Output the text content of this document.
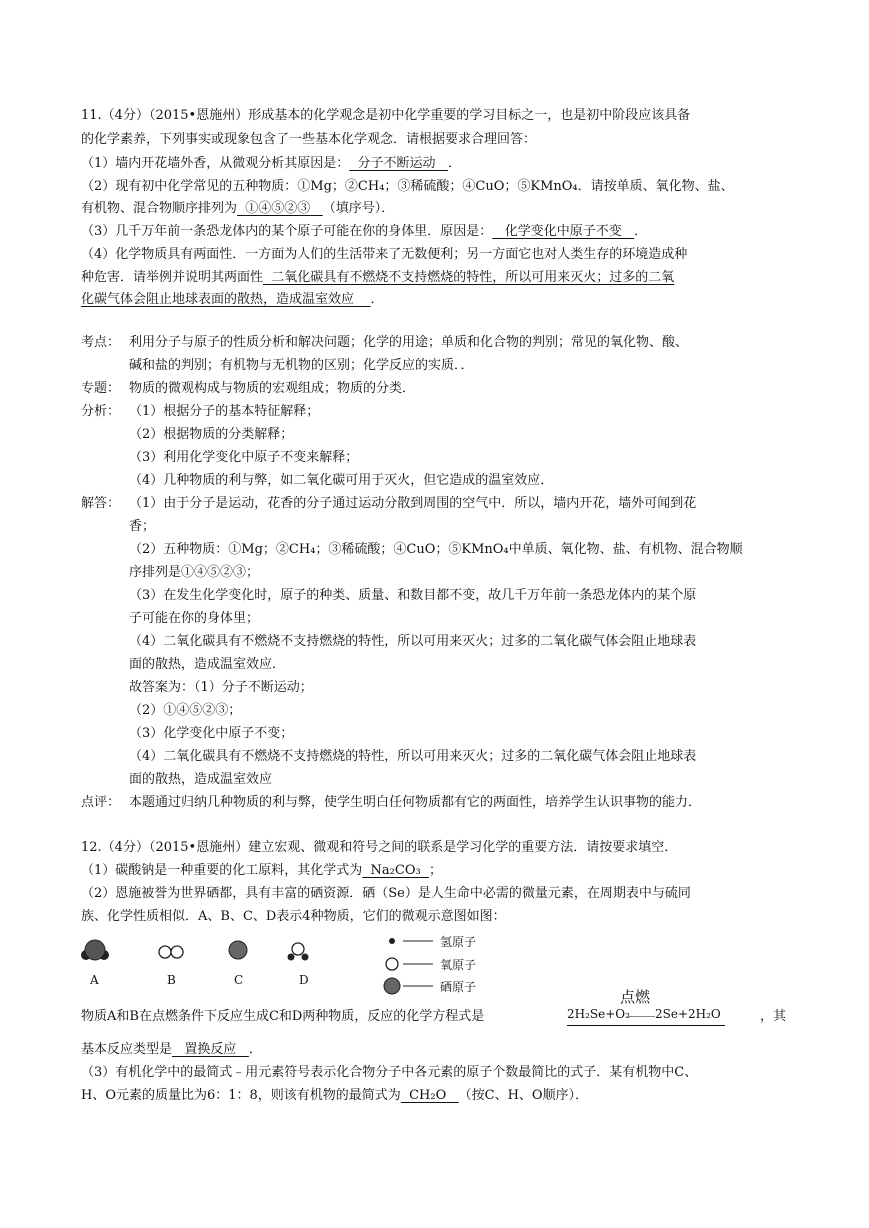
11.（4分）（2015•恩施州）形成基本的化学观念是初中化学重要的学习目标之一，也是初中阶段应该具备
的化学素养，下列事实或现象包含了一些基本化学观念．请根据要求合理回答：
（1）墙内开花墙外香，从微观分析其原因是： 分子不断运动 ．
（2）现有初中化学常见的五种物质：①Mg；②CH₄；③稀硫酸；④CuO；⑤KMnO₄．请按单质、氧化物、盐、
有机物、混合物顺序排列为 ①④⑤②③ （填序号）．
（3）几千万年前一条恐龙体内的某个原子可能在你的身体里．原因是： 化学变化中原子不变 ．
（4）化学物质具有两面性．一方面为人们的生活带来了无数便利；另一方面它也对人类生存的环境造成种
种危害．请举例并说明其两面性 二氧化碳具有不燃烧不支持燃烧的特性，所以可用来灭火；过多的二氧
化碳气体会阻止地球表面的散热，造成温室效应 ．
考点： 利用分子与原子的性质分析和解决问题；化学的用途；单质和化合物的判别；常见的氧化物、酸、
碱和盐的判别；有机物与无机物的区别；化学反应的实质．．
专题： 物质的微观构成与物质的宏观组成；物质的分类．
分析： （1）根据分子的基本特征解释；
（2）根据物质的分类解释；
（3）利用化学变化中原子不变来解释；
（4）几种物质的利与弊，如二氧化碳可用于灭火，但它造成的温室效应．
解答： （1）由于分子是运动，花香的分子通过运动分散到周围的空气中．所以，墙内开花，墙外可闻到花
香；
（2）五种物质：①Mg；②CH₄；③稀硫酸；④CuO；⑤KMnO₄中单质、氧化物、盐、有机物、混合物顺
序排列是①④⑤②③；
（3）在发生化学变化时，原子的种类、质量、和数目都不变，故几千万年前一条恐龙体内的某个原
子可能在你的身体里；
（4）二氧化碳具有不燃烧不支持燃烧的特性，所以可用来灭火；过多的二氧化碳气体会阻止地球表
面的散热，造成温室效应．
故答案为：（1）分子不断运动；
（2）①④⑤②③；
（3）化学变化中原子不变；
（4）二氧化碳具有不燃烧不支持燃烧的特性，所以可用来灭火；过多的二氧化碳气体会阻止地球表
面的散热，造成温室效应
点评： 本题通过归纳几种物质的利与弊，使学生明白任何物质都有它的两面性，培养学生认识事物的能力．
12.（4分）（2015•恩施州）建立宏观、微观和符号之间的联系是学习化学的重要方法．请按要求填空．
（1）碳酸钠是一种重要的化工原料，其化学式为 Na₂CO₃ ；
（2）恩施被誉为世界硒都，具有丰富的硒资源．硒（Se）是人生命中必需的微量元素，在周期表中与硫同
族、化学性质相似．A、B、C、D表示4种物质，它们的微观示意图如图：
A	B	C	D
氢原子
氧原子
硒原子
物质A和B在点燃条件下反应生成C和D两种物质，反应的化学方程式是
点燃
2H₂Se+O₂ 2Se+2H₂O	，其
基本反应类型是 置换反应 ．
（3）有机化学中的最简式﹣用元素符号表示化合物分子中各元素的原子个数最简比的式子．某有机物中C、
H、O元素的质量比为6：1：8，则该有机物的最简式为 CH₂O （按C、H、O顺序）．
